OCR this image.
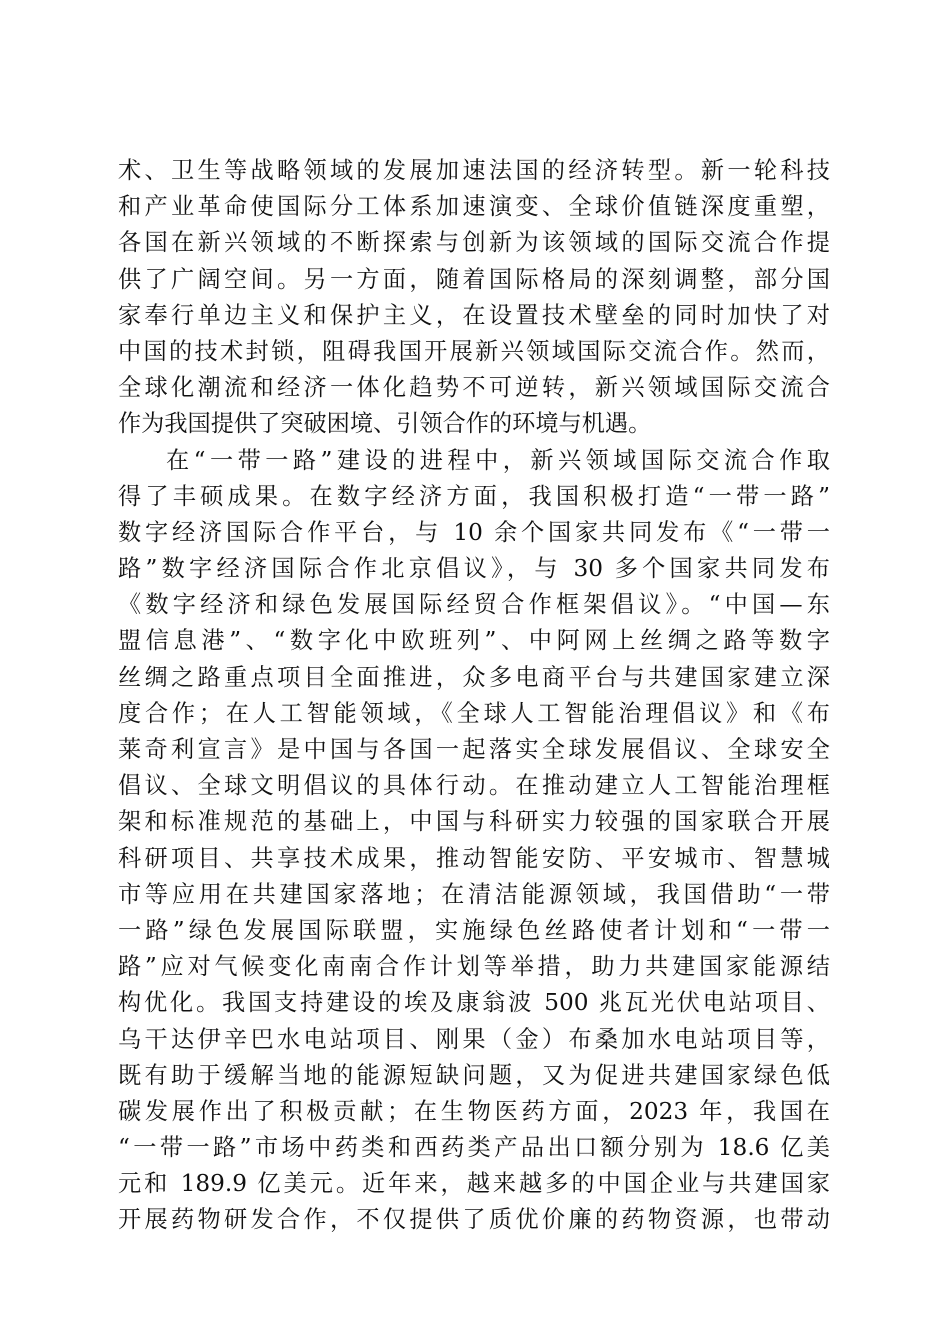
术、卫生等战略领域的发展加速法国的经济转型。新一轮科技
和产业革命使国际分工体系加速演变、全球价值链深度重塑，
各国在新兴领域的不断探索与创新为该领域的国际交流合作提
供了广阔空间。另一方面，随着国际格局的深刻调整，部分国
家奉行单边主义和保护主义，在设置技术壁垒的同时加快了对
中国的技术封锁，阻碍我国开展新兴领域国际交流合作。然而，
全球化潮流和经济一体化趋势不可逆转，新兴领域国际交流合
作为我国提供了突破困境、引领合作的环境与机遇。
在“一带一路”建设的进程中，新兴领域国际交流合作取
得了丰硕成果。在数字经济方面，我国积极打造“一带一路”
数字经济国际合作平台，与 10 余个国家共同发布《“一带一
路”数字经济国际合作北京倡议》，与 30 多个国家共同发布
《数字经济和绿色发展国际经贸合作框架倡议》。“中国—东
盟信息港”、“数字化中欧班列”、中阿网上丝绸之路等数字
丝绸之路重点项目全面推进，众多电商平台与共建国家建立深
度合作；在人工智能领域，《全球人工智能治理倡议》和《布
莱奇利宣言》是中国与各国一起落实全球发展倡议、全球安全
倡议、全球文明倡议的具体行动。在推动建立人工智能治理框
架和标准规范的基础上，中国与科研实力较强的国家联合开展
科研项目、共享技术成果，推动智能安防、平安城市、智慧城
市等应用在共建国家落地；在清洁能源领域，我国借助“一带
一路”绿色发展国际联盟，实施绿色丝路使者计划和“一带一
路”应对气候变化南南合作计划等举措，助力共建国家能源结
构优化。我国支持建设的埃及康翁波 500 兆瓦光伏电站项目、
乌干达伊辛巴水电站项目、刚果（金）布桑加水电站项目等，
既有助于缓解当地的能源短缺问题，又为促进共建国家绿色低
碳发展作出了积极贡献；在生物医药方面，2023 年，我国在
“一带一路”市场中药类和西药类产品出口额分别为 18.6 亿美
元和 189.9 亿美元。近年来，越来越多的中国企业与共建国家
开展药物研发合作，不仅提供了质优价廉的药物资源，也带动
